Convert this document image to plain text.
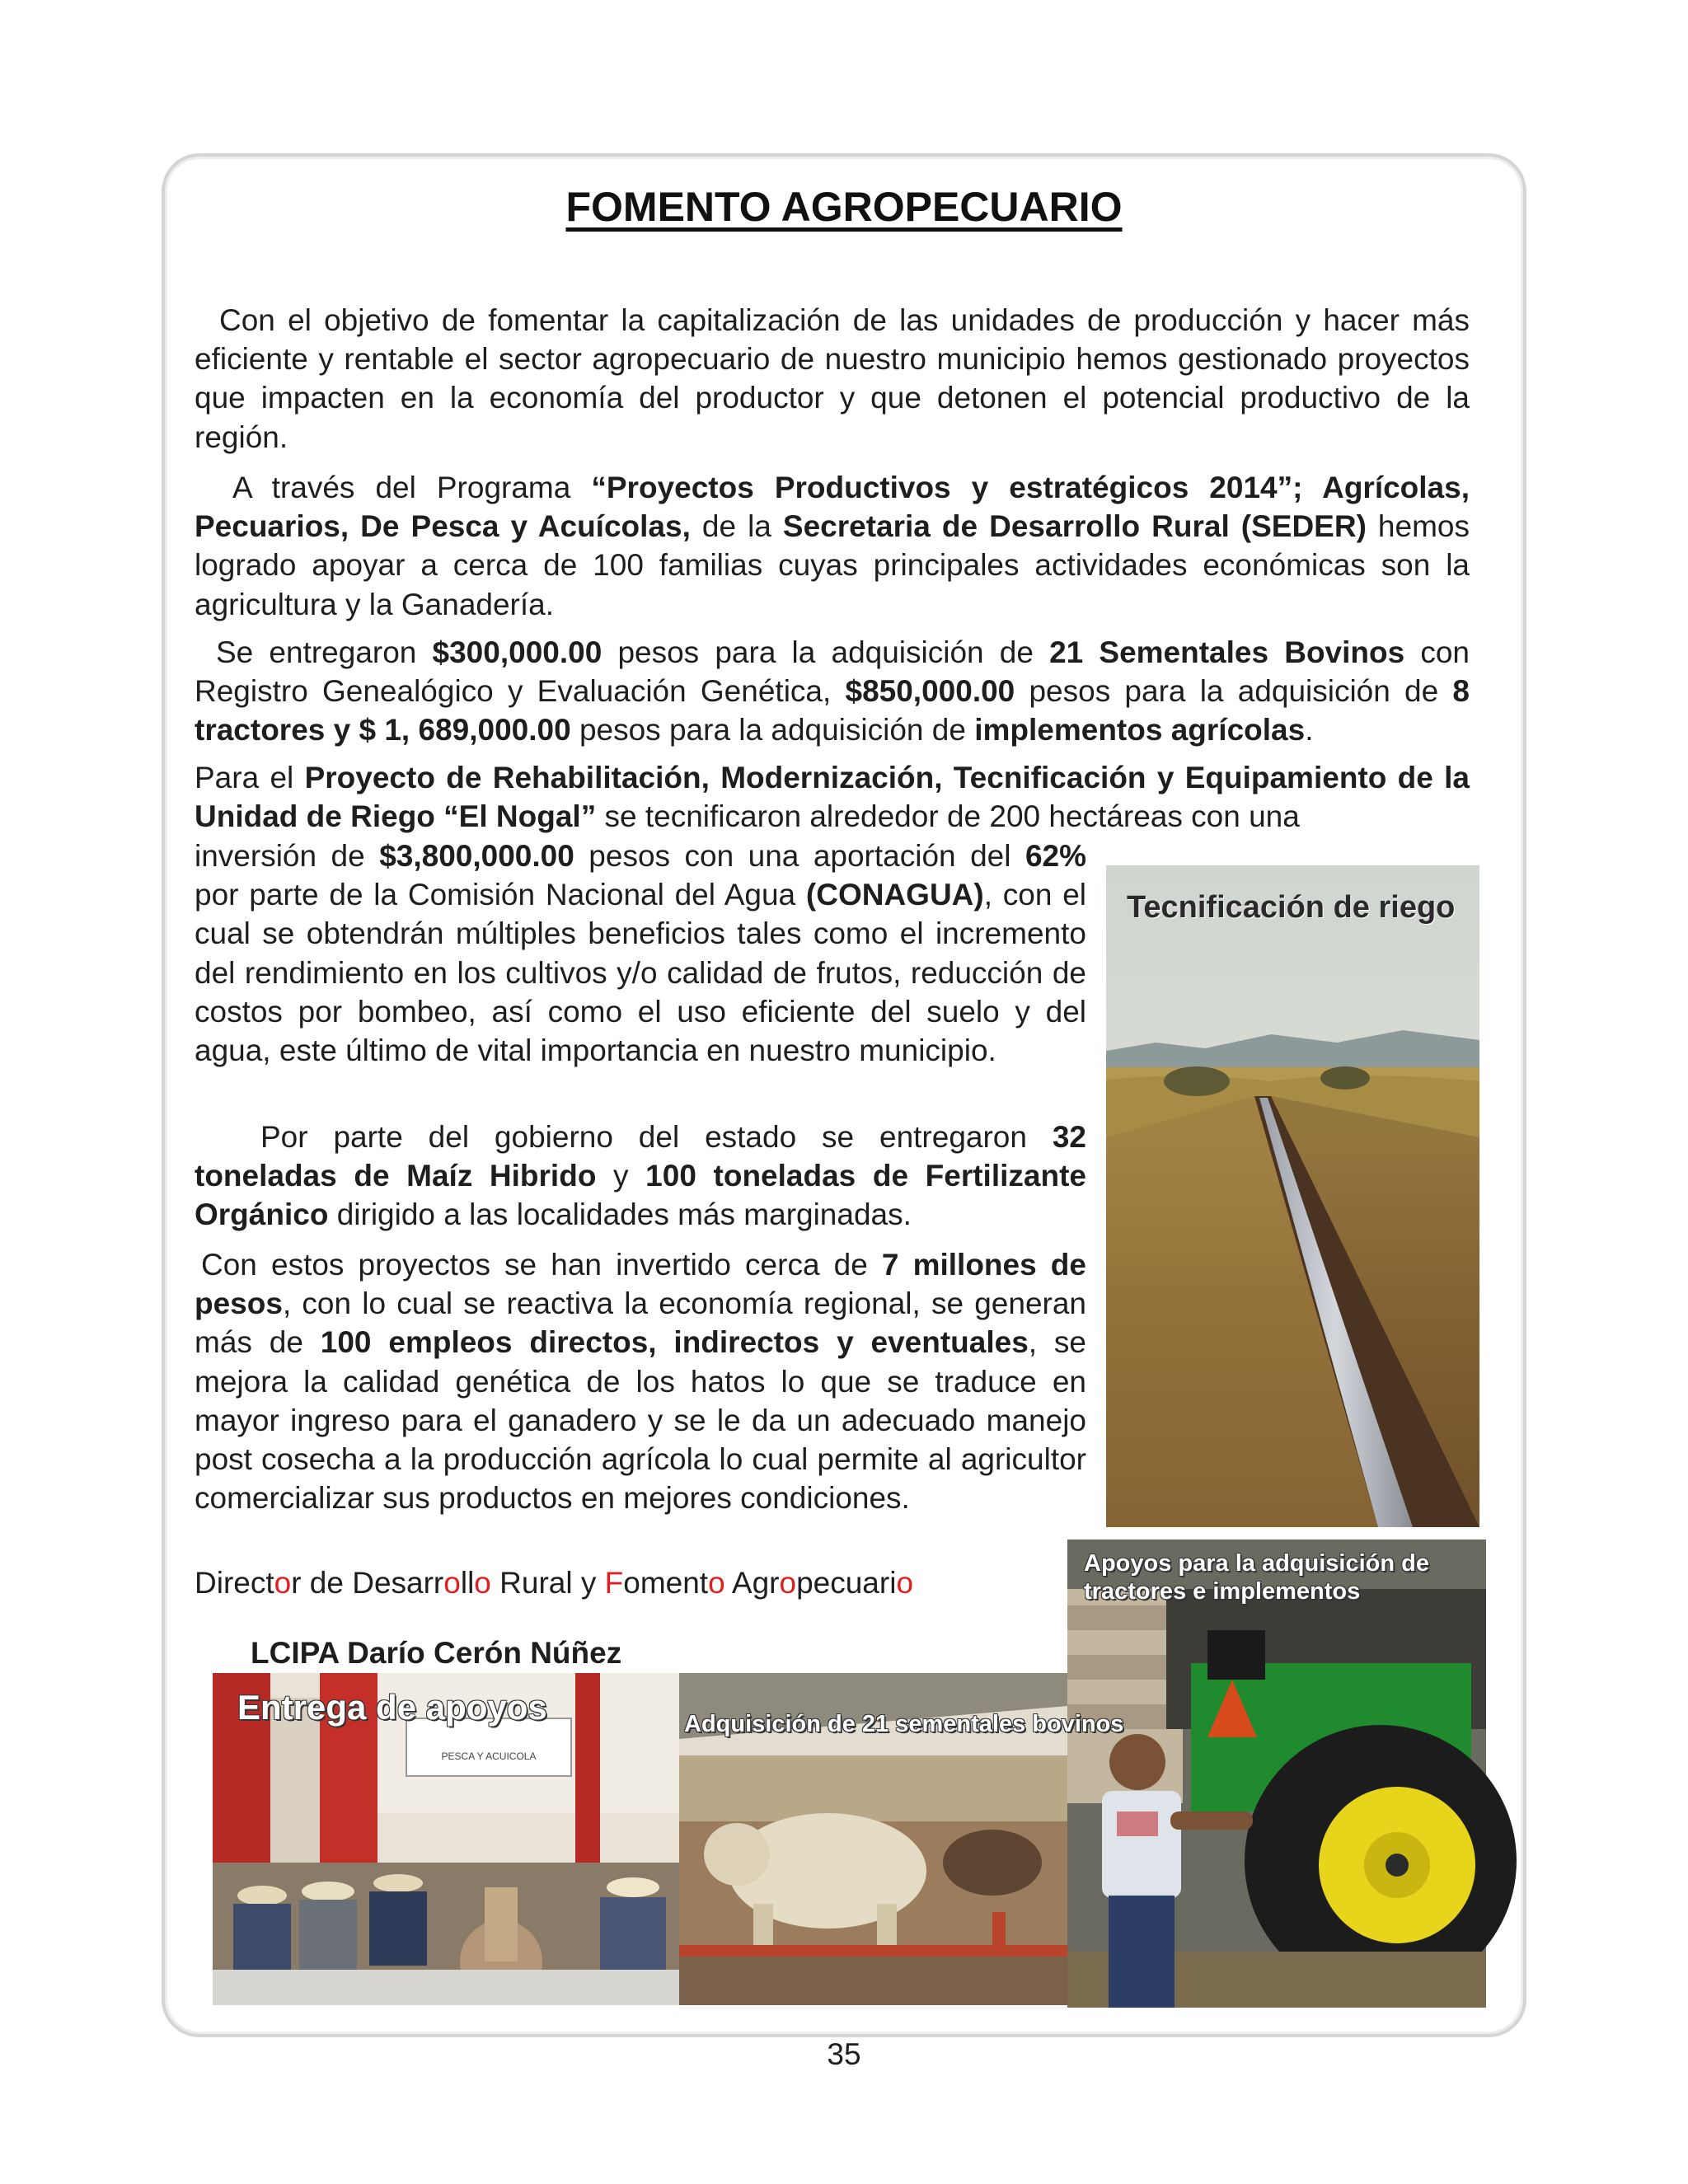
FOMENTO AGROPECUARIO

Con el objetivo de fomentar la capitalización de las unidades de producción y hacer más eficiente y rentable el sector agropecuario de nuestro municipio hemos gestionado proyectos que impacten en la economía del productor y que detonen el potencial productivo de la región.

A través del Programa “Proyectos Productivos y estratégicos 2014”; Agrícolas, Pecuarios, De Pesca y Acuícolas, de la Secretaria de Desarrollo Rural (SEDER) hemos logrado apoyar a cerca de 100 familias cuyas principales actividades económicas son la agricultura y la Ganadería.

Se entregaron $300,000.00 pesos para la adquisición de 21 Sementales Bovinos con Registro Genealógico y Evaluación Genética, $850,000.00 pesos para la adquisición de 8 tractores y $ 1, 689,000.00 pesos para la adquisición de implementos agrícolas.

Para el Proyecto de Rehabilitación, Modernización, Tecnificación y Equipamiento de la Unidad de Riego “El Nogal” se tecnificaron alrededor de 200 hectáreas con una

inversión de $3,800,000.00 pesos con una aportación del 62% por parte de la Comisión Nacional del Agua (CONAGUA), con el cual se obtendrán múltiples beneficios tales como el incremento del rendimiento en los cultivos y/o calidad de frutos, reducción de costos por bombeo, así como el uso eficiente del suelo y del agua, este último de vital importancia en nuestro municipio.

Por parte del gobierno del estado se entregaron 32 toneladas de Maíz Hibrido y 100 toneladas de Fertilizante Orgánico dirigido a las localidades más marginadas.

Con estos proyectos se han invertido cerca de 7 millones de pesos, con lo cual se reactiva la economía regional, se generan más de 100 empleos directos, indirectos y eventuales, se mejora la calidad genética de los hatos lo que se traduce en mayor ingreso para el ganadero y se le da un adecuado manejo post cosecha a la producción agrícola lo cual permite al agricultor comercializar sus productos en mejores condiciones.

Director de Desarrollo Rural y Fomento Agropecuario
LCIPA Darío Cerón Núñez
Tecnificación de riego
Apoyos para la adquisición de tractores e implementos
PESCA Y ACUICOLA
Entrega de apoyos	Adquisición de 21 sementales bovinos
35
